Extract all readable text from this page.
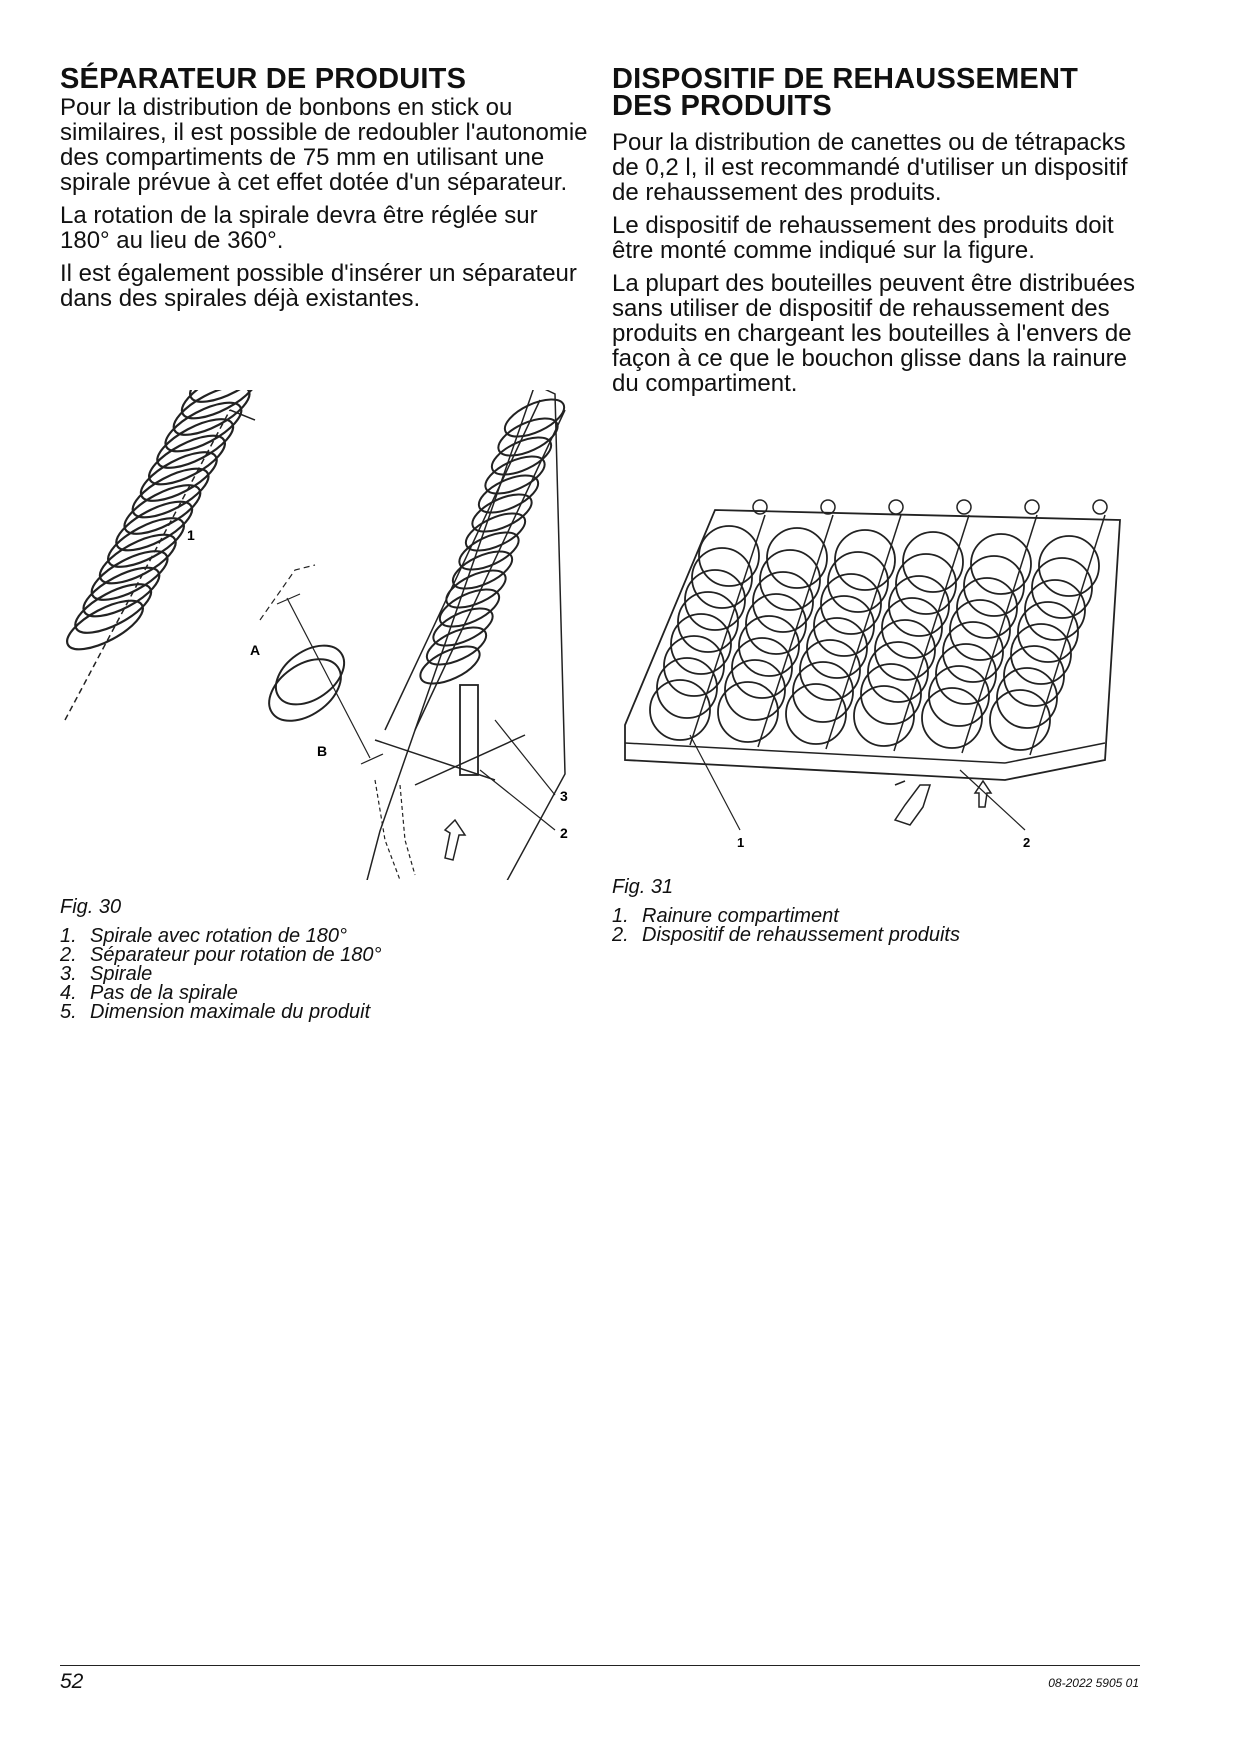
SÉPARATEUR DE PRODUITS

Pour la distribution de bonbons en stick ou similaires, il est possible de redoubler l'autonomie des compartiments de 75 mm en utilisant une spirale prévue à cet effet dotée d'un séparateur.

La rotation de la spirale devra être réglée sur 180° au lieu de 360°.

Il est également possible d'insérer un séparateur dans des spirales déjà existantes.

1
A
B
3
2
Fig. 30
1. Spirale avec rotation de 180°
2. Séparateur pour rotation de 180°
3. Spirale
4. Pas de la spirale
5. Dimension maximale du produit
DISPOSITIF DE REHAUSSEMENT
DES PRODUITS

Pour la distribution de canettes ou de tétrapacks de 0,2 l, il est recommandé d'utiliser un dispositif de rehaussement des produits.

Le dispositif de rehaussement des produits doit être monté comme indiqué sur la figure.

La plupart des bouteilles peuvent être distribuées sans utiliser de dispositif de rehaussement des produits en chargeant les bouteilles à l'envers de façon à ce que le bouchon glisse dans la rainure du compartiment.

1	2
Fig. 31
1. Rainure compartiment
2. Dispositif de rehaussement produits
52	08-2022 5905 01
